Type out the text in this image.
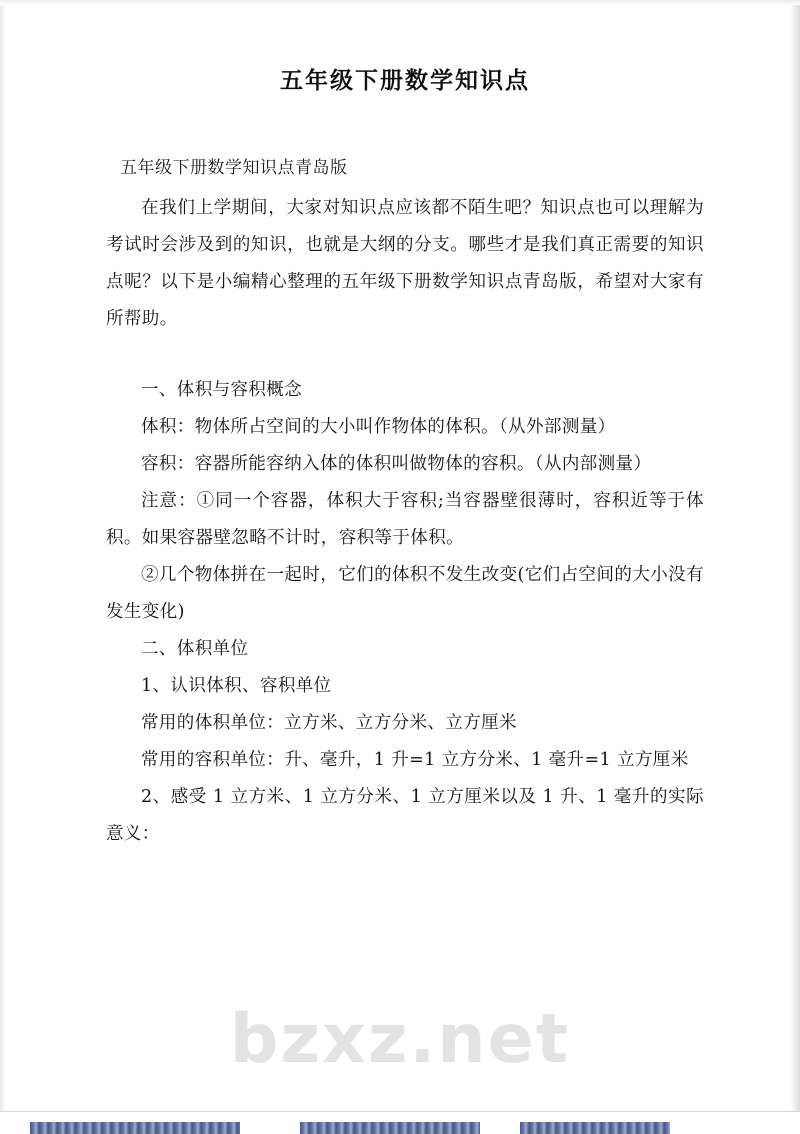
五年级下册数学知识点
五年级下册数学知识点青岛版

在我们上学期间，大家对知识点应该都不陌生吧？知识点也可以理解为考试时会涉及到的知识，也就是大纲的分支。哪些才是我们真正需要的知识点呢？以下是小编精心整理的五年级下册数学知识点青岛版，希望对大家有所帮助。

一、体积与容积概念

体积：物体所占空间的大小叫作物体的体积。（从外部测量）

容积：容器所能容纳入体的体积叫做物体的容积。（从内部测量）

注意：①同一个容器，体积大于容积;当容器壁很薄时，容积近等于体积。如果容器壁忽略不计时，容积等于体积。

②几个物体拼在一起时，它们的体积不发生改变(它们占空间的大小没有发生变化)

二、体积单位

1、认识体积、容积单位

常用的体积单位：立方米、立方分米、立方厘米

常用的容积单位：升、毫升，1 升=1 立方分米、1 毫升=1 立方厘米

2、感受 1 立方米、1 立方分米、1 立方厘米以及 1 升、1 毫升的实际意义：

bzxz.net
